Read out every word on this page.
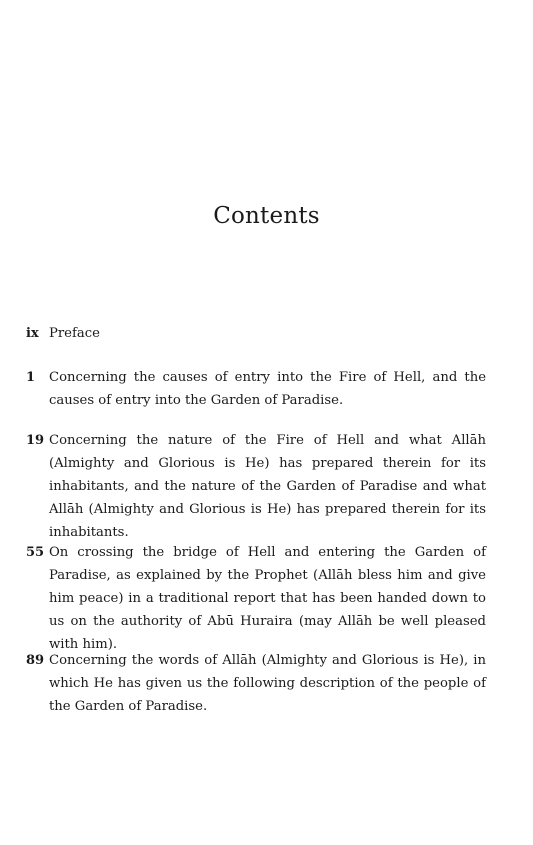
Contents
ix Preface
1	Concerning the causes of entry into the Fire of Hell, and the causes of entry into the Garden of Paradise.
19 Concerning the nature of the Fire of Hell and what Allāh (Almighty and Glorious is He) has prepared therein for its inhabitants, and the nature of the Garden of Paradise and what Allāh (Almighty and Glorious is He) has prepared therein for its inhabitants.
55 On crossing the bridge of Hell and entering the Garden of Paradise, as explained by the Prophet (Allāh bless him and give him peace) in a traditional report that has been handed down to us on the authority of Abū Huraira (may Allāh be well pleased with him).
89 Concerning the words of Allāh (Almighty and Glorious is He), in which He has given us the following description of the people of the Garden of Paradise.
